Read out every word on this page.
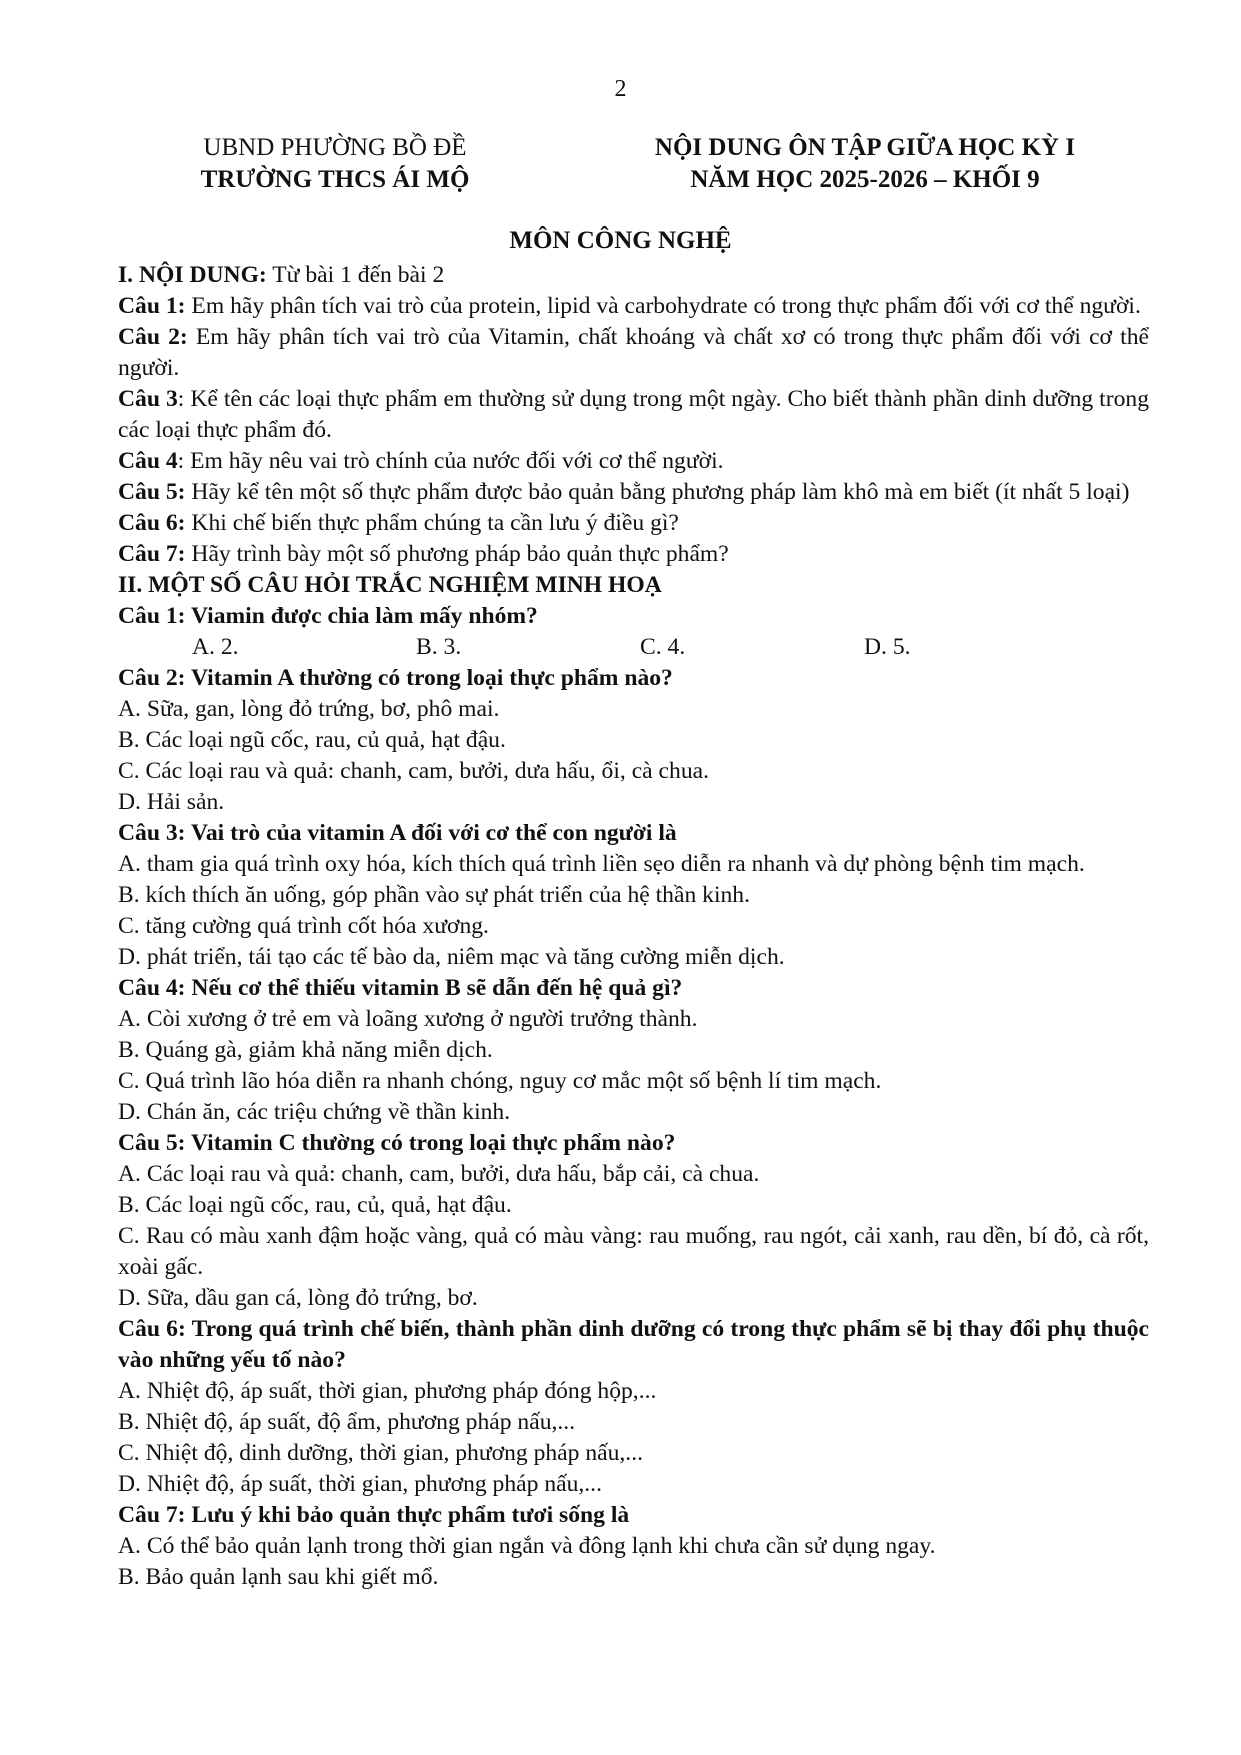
2
UBND PHƯỜNG BỒ ĐỀ
TRƯỜNG THCS ÁI MỘ
NỘI DUNG ÔN TẬP GIỮA HỌC KỲ I
NĂM HỌC 2025-2026 – KHỐI 9
MÔN CÔNG NGHỆ

I. NỘI DUNG: Từ bài 1 đến bài 2

Câu 1: Em hãy phân tích vai trò của protein, lipid và carbohydrate có trong thực phẩm đối với cơ thể người.

Câu 2: Em hãy phân tích vai trò của Vitamin, chất khoáng và chất xơ có trong thực phẩm đối với cơ thể người.

Câu 3: Kể tên các loại thực phẩm em thường sử dụng trong một ngày. Cho biết thành phần dinh dưỡng trong các loại thực phẩm đó.

Câu 4: Em hãy nêu vai trò chính của nước đối với cơ thể người.

Câu 5: Hãy kể tên một số thực phẩm được bảo quản bằng phương pháp làm khô mà em biết (ít nhất 5 loại)

Câu 6: Khi chế biến thực phẩm chúng ta cần lưu ý điều gì?

Câu 7: Hãy trình bày một số phương pháp bảo quản thực phẩm?

II. MỘT SỐ CÂU HỎI TRẮC NGHIỆM MINH HOẠ

Câu 1: Viamin được chia làm mấy nhóm?

A. 2.	B. 3.	C. 4.	D. 5.

Câu 2: Vitamin A thường có trong loại thực phẩm nào?

A. Sữa, gan, lòng đỏ trứng, bơ, phô mai.

B. Các loại ngũ cốc, rau, củ quả, hạt đậu.

C. Các loại rau và quả: chanh, cam, bưởi, dưa hấu, ổi, cà chua.

D. Hải sản.

Câu 3: Vai trò của vitamin A đối với cơ thể con người là

A. tham gia quá trình oxy hóa, kích thích quá trình liền sẹo diễn ra nhanh và dự phòng bệnh tim mạch.

B. kích thích ăn uống, góp phần vào sự phát triển của hệ thần kinh.

C. tăng cường quá trình cốt hóa xương.

D. phát triển, tái tạo các tế bào da, niêm mạc và tăng cường miễn dịch.

Câu 4: Nếu cơ thể thiếu vitamin B sẽ dẫn đến hệ quả gì?

A. Còi xương ở trẻ em và loãng xương ở người trưởng thành.

B. Quáng gà, giảm khả năng miễn dịch.

C. Quá trình lão hóa diễn ra nhanh chóng, nguy cơ mắc một số bệnh lí tim mạch.

D. Chán ăn, các triệu chứng về thần kinh.

Câu 5: Vitamin C thường có trong loại thực phẩm nào?

A. Các loại rau và quả: chanh, cam, bưởi, dưa hấu, bắp cải, cà chua.

B. Các loại ngũ cốc, rau, củ, quả, hạt đậu.

C. Rau có màu xanh đậm hoặc vàng, quả có màu vàng: rau muống, rau ngót, cải xanh, rau dền, bí đỏ, cà rốt, xoài gấc.

D. Sữa, dầu gan cá, lòng đỏ trứng, bơ.

Câu 6: Trong quá trình chế biến, thành phần dinh dưỡng có trong thực phẩm sẽ bị thay đổi phụ thuộc vào những yếu tố nào?

A. Nhiệt độ, áp suất, thời gian, phương pháp đóng hộp,...

B. Nhiệt độ, áp suất, độ ẩm, phương pháp nấu,...

C. Nhiệt độ, dinh dưỡng, thời gian, phương pháp nấu,...

D. Nhiệt độ, áp suất, thời gian, phương pháp nấu,...

Câu 7: Lưu ý khi bảo quản thực phẩm tươi sống là

A. Có thể bảo quản lạnh trong thời gian ngắn và đông lạnh khi chưa cần sử dụng ngay.

B. Bảo quản lạnh sau khi giết mổ.
